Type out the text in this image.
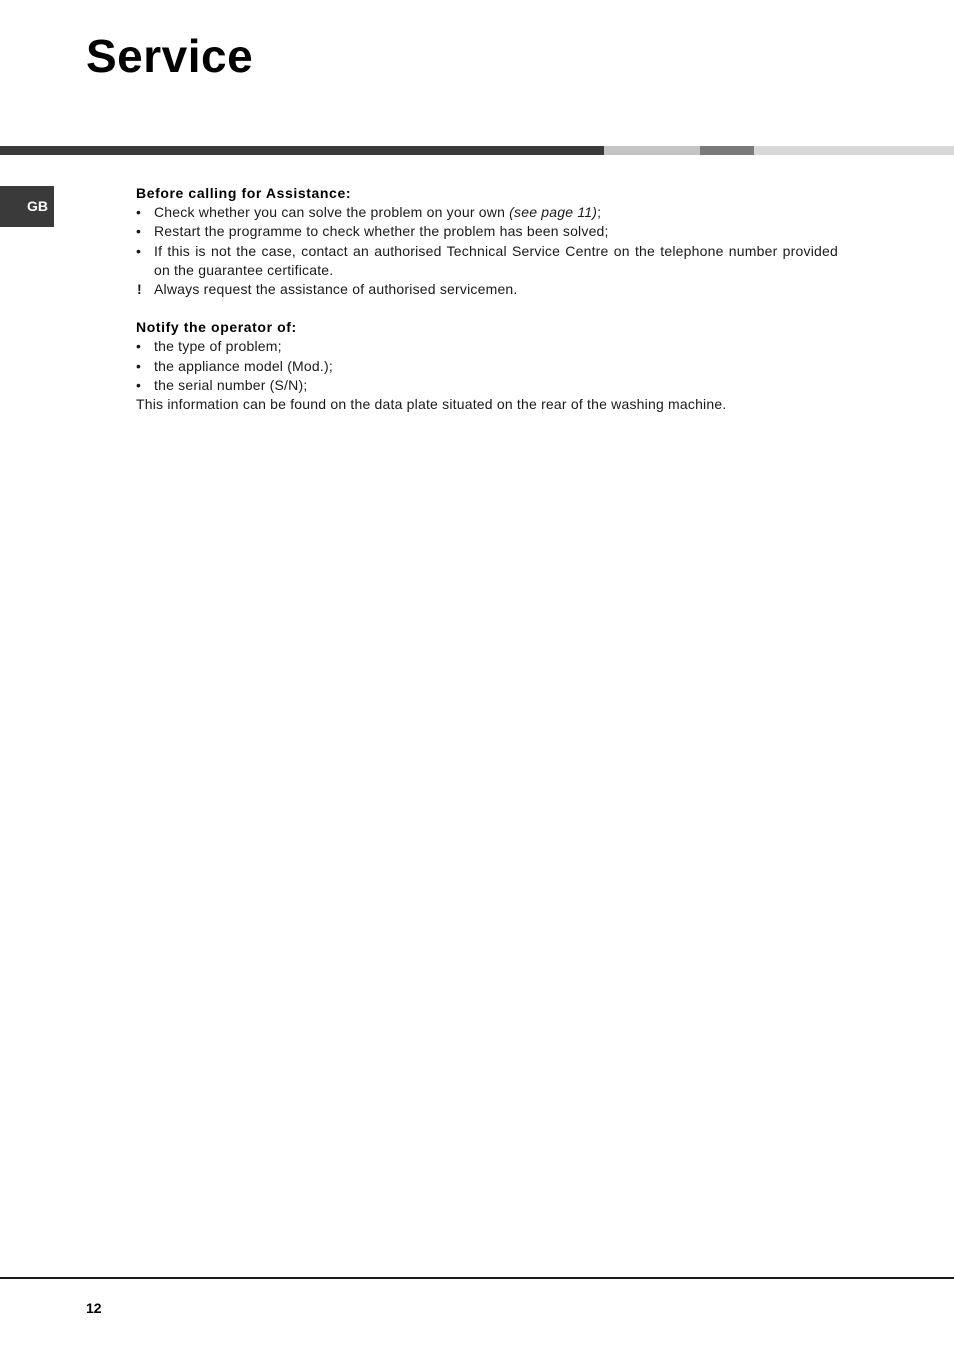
Service
GB
Before calling for Assistance:
• Check whether you can solve the problem on your own (see page 11);
• Restart the programme to check whether the problem has been solved;
• If this is not the case, contact an authorised Technical Service Centre on the telephone number provided on the guarantee certificate.
! Always request the assistance of authorised servicemen.
Notify the operator of:
• the type of problem;
• the appliance model (Mod.);
• the serial number (S/N);

This information can be found on the data plate situated on the rear of the washing machine.

12
